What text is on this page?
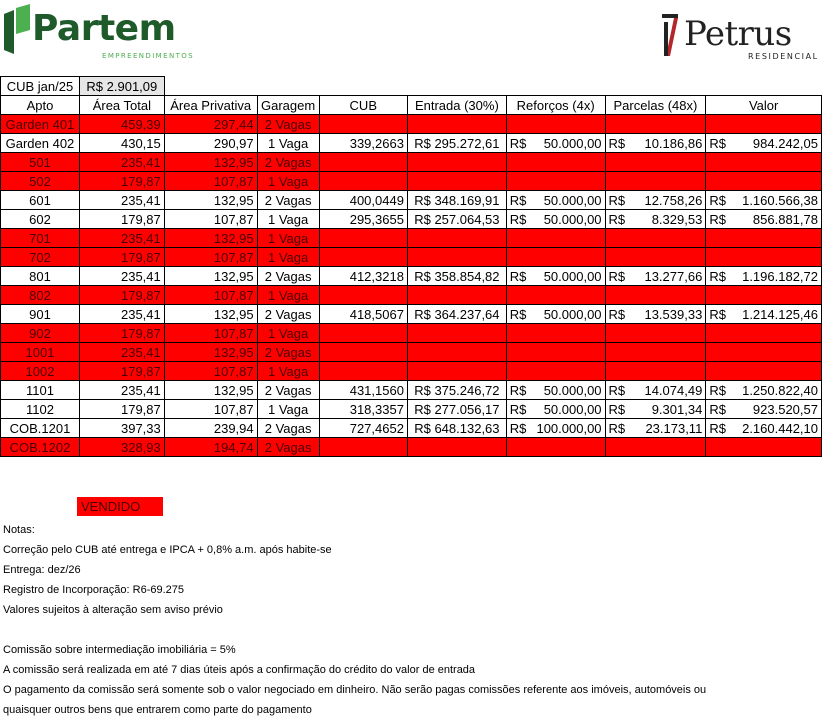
Partem
EMPREENDIMENTOS
Petrus
RESIDENCIAL
CUB jan/25	R$ 2.901,09							
Apto	Área Total	Área Privativa	Garagem	CUB	Entrada (30%)	Reforços (4x)	Parcelas (48x)	Valor
Garden 401	459,39	297,44	2 Vagas					
Garden 402	430,15	290,97	1 Vaga	339,2663	R$ 295.272,61	R$ 50.000,00	R$ 10.186,86	R$ 984.242,05

501	235,41	132,95	2 Vagas					
502	179,87	107,87	1 Vaga					
601	235,41	132,95	2 Vagas	400,0449	R$ 348.169,91	R$ 50.000,00	R$ 12.758,26	R$ 1.160.566,38

602	179,87	107,87	1 Vaga	295,3655	R$ 257.064,53	R$ 50.000,00	R$ 8.329,53	R$ 856.881,78

701	235,41	132,95	1 Vaga					
702	179,87	107,87	1 Vaga					
801	235,41	132,95	2 Vagas	412,3218	R$ 358.854,82	R$ 50.000,00	R$ 13.277,66	R$ 1.196.182,72

802	179,87	107,87	1 Vaga					
901	235,41	132,95	2 Vagas	418,5067	R$ 364.237,64	R$ 50.000,00	R$ 13.539,33	R$ 1.214.125,46

902	179,87	107,87	1 Vaga					
1001	235,41	132,95	2 Vagas					
1002	179,87	107,87	1 Vaga					
1101	235,41	132,95	2 Vagas	431,1560	R$ 375.246,72	R$ 50.000,00	R$ 14.074,49	R$ 1.250.822,40

1102	179,87	107,87	1 Vaga	318,3357	R$ 277.056,17	R$ 50.000,00	R$ 9.301,34	R$ 923.520,57

COB.1201	397,33	239,94	2 Vagas	727,4652	R$ 648.132,63	R$ 100.000,00	R$ 23.173,11	R$ 2.160.442,10

COB.1202	328,93	194,74	2 Vagas					
VENDIDO
Notas:
Correção pelo CUB até entrega e IPCA + 0,8% a.m. após habite-se
Entrega: dez/26
Registro de Incorporação: R6-69.275
Valores sujeitos à alteração sem aviso prévio
Comissão sobre intermediação imobiliária = 5%
A comissão será realizada em até 7 dias úteis após a confirmação do crédito do valor de entrada
O pagamento da comissão será somente sob o valor negociado em dinheiro. Não serão pagas comissões referente aos imóveis, automóveis ou
quaisquer outros bens que entrarem como parte do pagamento
